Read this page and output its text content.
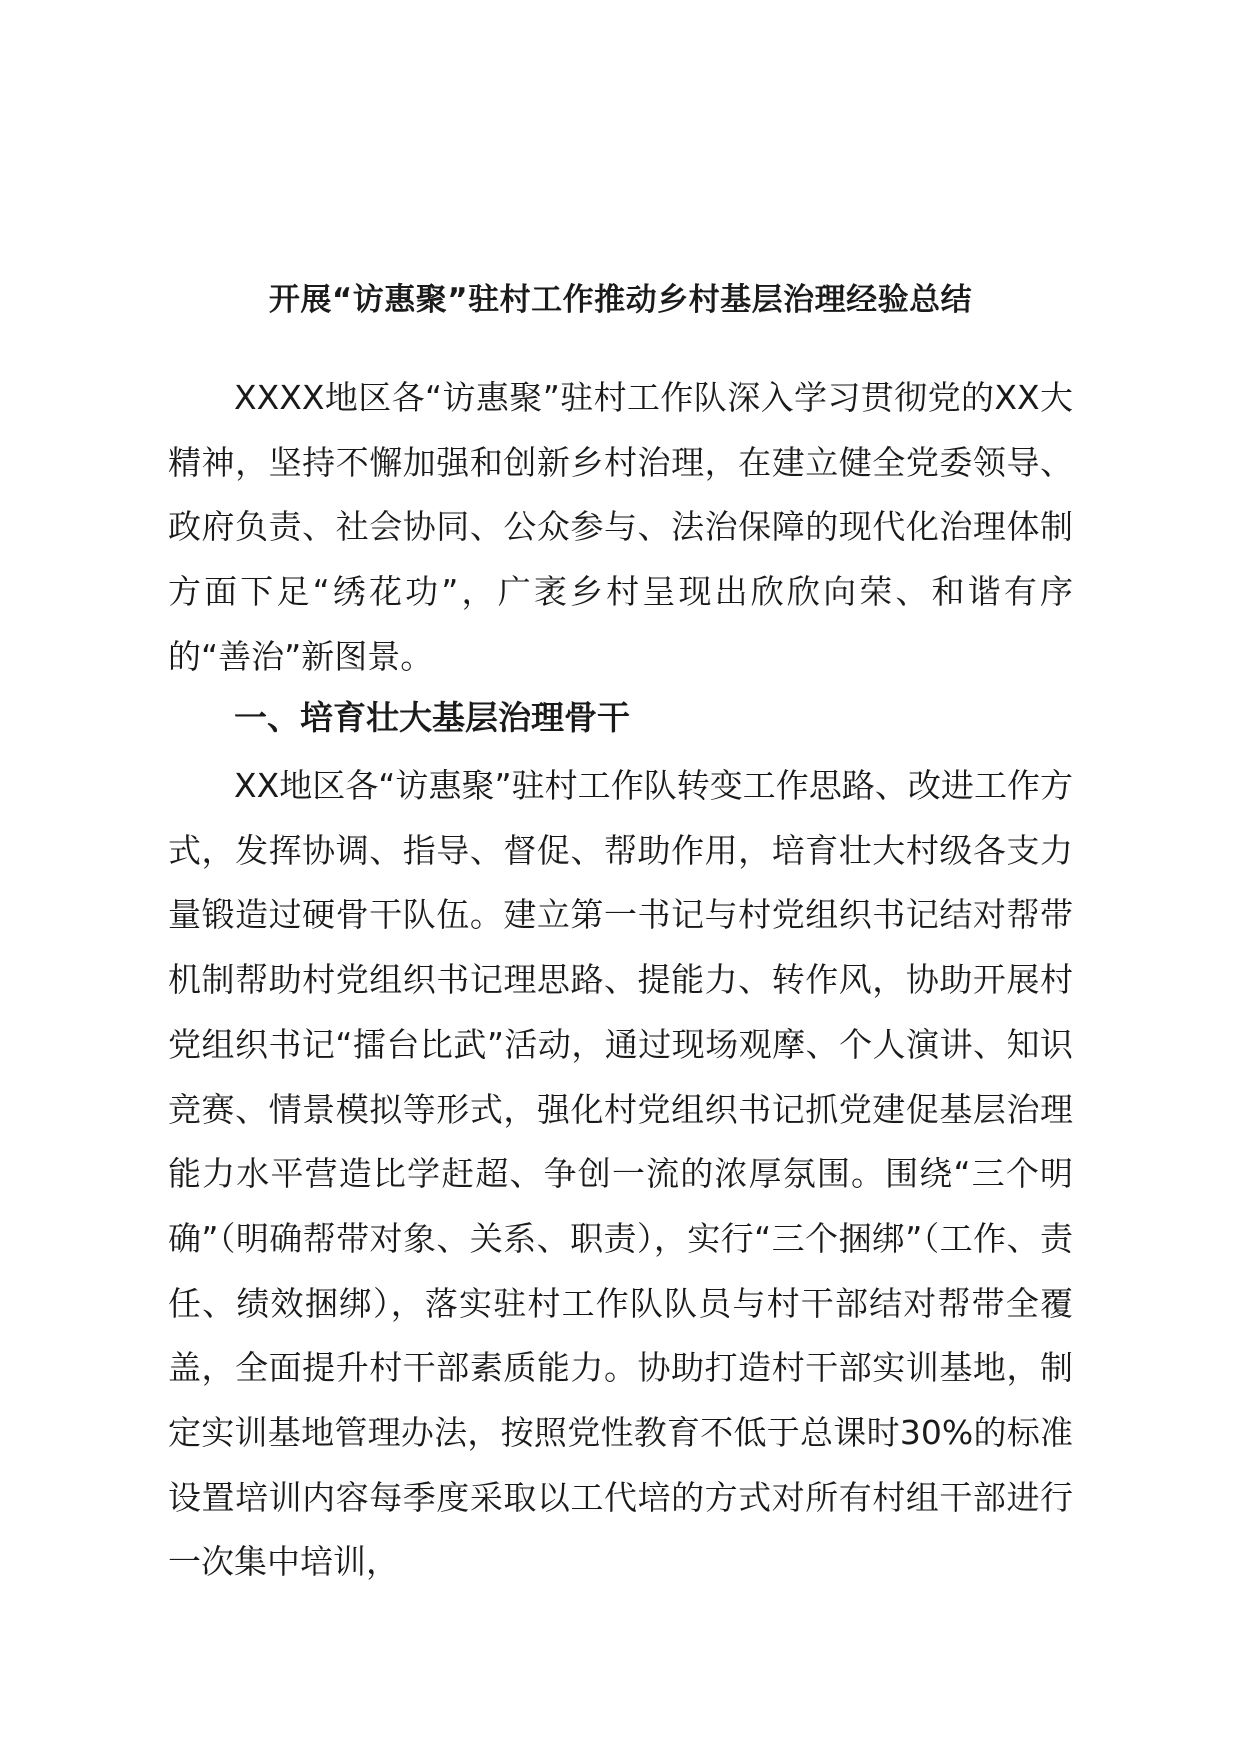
开展“访惠聚”驻村工作推动乡村基层治理经验总结

XXXX地区各“访惠聚”驻村工作队深入学习贯彻党的XX大精神，坚持不懈加强和创新乡村治理，在建立健全党委领导、政府负责、社会协同、公众参与、法治保障的现代化治理体制方面下足“绣花功”，广袤乡村呈现出欣欣向荣、和谐有序的“善治”新图景。

一、培育壮大基层治理骨干

XX地区各“访惠聚”驻村工作队转变工作思路、改进工作方式，发挥协调、指导、督促、帮助作用，培育壮大村级各支力量锻造过硬骨干队伍。建立第一书记与村党组织书记结对帮带机制帮助村党组织书记理思路、提能力、转作风，协助开展村党组织书记“擂台比武”活动，通过现场观摩、个人演讲、知识竞赛、情景模拟等形式，强化村党组织书记抓党建促基层治理能力水平营造比学赶超、争创一流的浓厚氛围。围绕“三个明确”（明确帮带对象、关系、职责），实行“三个捆绑”（工作、责任、绩效捆绑），落实驻村工作队队员与村干部结对帮带全覆盖，全面提升村干部素质能力。协助打造村干部实训基地，制定实训基地管理办法，按照党性教育不低于总课时30%的标准设置培训内容每季度采取以工代培的方式对所有村组干部进行一次集中培训，
